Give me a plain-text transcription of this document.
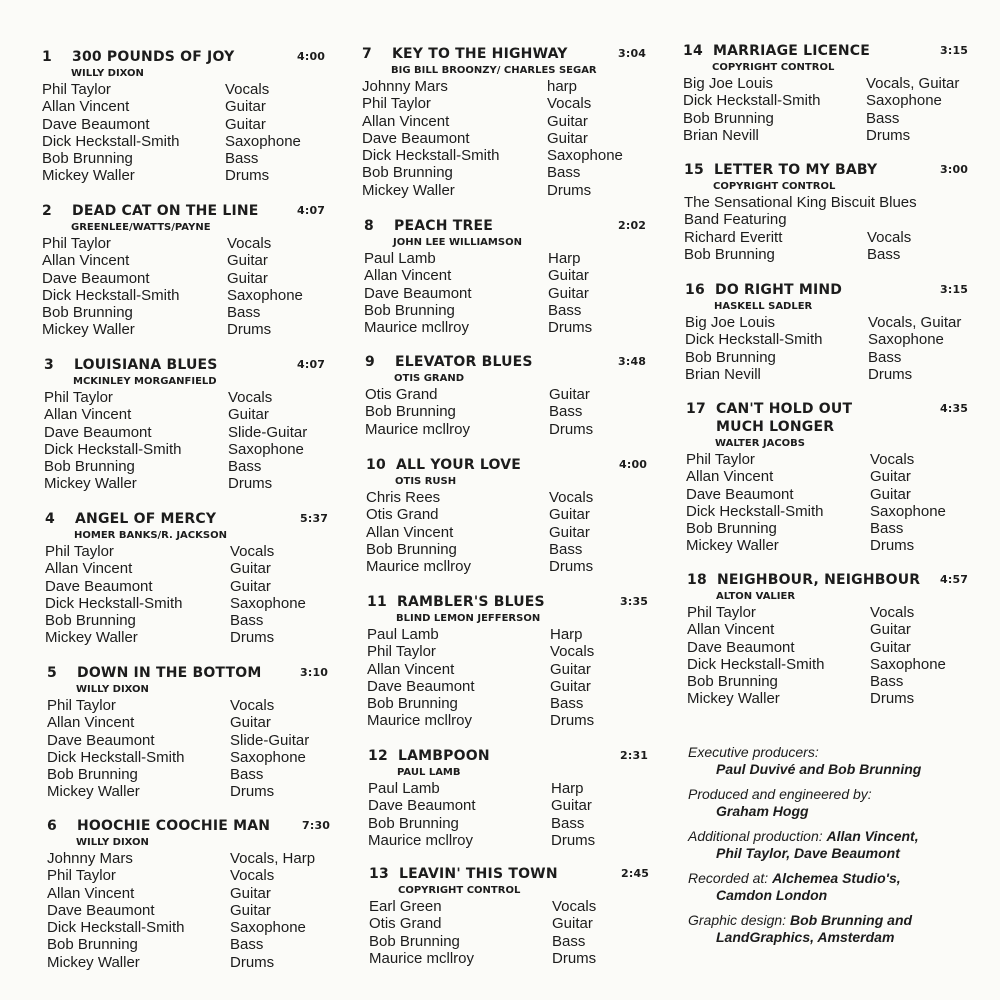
1 300 POUNDS OF JOY	4:00
WILLY DIXON
Phil Taylor	Vocals
Allan Vincent	Guitar
Dave Beaumont	Guitar
Dick Heckstall-Smith	Saxophone
Bob Brunning	Bass
Mickey Waller	Drums
2 DEAD CAT ON THE LINE	4:07
GREENLEE/WATTS/PAYNE
Phil Taylor	Vocals
Allan Vincent	Guitar
Dave Beaumont	Guitar
Dick Heckstall-Smith	Saxophone
Bob Brunning	Bass
Mickey Waller	Drums
3 LOUISIANA BLUES	4:07
MCKINLEY MORGANFIELD
Phil Taylor	Vocals
Allan Vincent	Guitar
Dave Beaumont	Slide-Guitar
Dick Heckstall-Smith	Saxophone
Bob Brunning	Bass
Mickey Waller	Drums
4 ANGEL OF MERCY	5:37
HOMER BANKS/R. JACKSON
Phil Taylor	Vocals
Allan Vincent	Guitar
Dave Beaumont	Guitar
Dick Heckstall-Smith	Saxophone
Bob Brunning	Bass
Mickey Waller	Drums
5 DOWN IN THE BOTTOM	3:10
WILLY DIXON
Phil Taylor	Vocals
Allan Vincent	Guitar
Dave Beaumont	Slide-Guitar
Dick Heckstall-Smith	Saxophone
Bob Brunning	Bass
Mickey Waller	Drums
6 HOOCHIE COOCHIE MAN	7:30
WILLY DIXON
Johnny Mars	Vocals, Harp
Phil Taylor	Vocals
Allan Vincent	Guitar
Dave Beaumont	Guitar
Dick Heckstall-Smith	Saxophone
Bob Brunning	Bass
Mickey Waller	Drums
7 KEY TO THE HIGHWAY	3:04
BIG BILL BROONZY/ CHARLES SEGAR
Johnny Mars	harp
Phil Taylor	Vocals
Allan Vincent	Guitar
Dave Beaumont	Guitar
Dick Heckstall-Smith	Saxophone
Bob Brunning	Bass
Mickey Waller	Drums
8 PEACH TREE	2:02
JOHN LEE WILLIAMSON
Paul Lamb	Harp
Allan Vincent	Guitar
Dave Beaumont	Guitar
Bob Brunning	Bass
Maurice mcllroy	Drums
9 ELEVATOR BLUES	3:48
OTIS GRAND
Otis Grand	Guitar
Bob Brunning	Bass
Maurice mcllroy	Drums
10 ALL YOUR LOVE	4:00
OTIS RUSH
Chris Rees	Vocals
Otis Grand	Guitar
Allan Vincent	Guitar
Bob Brunning	Bass
Maurice mcllroy	Drums
11 RAMBLER'S BLUES	3:35
BLIND LEMON JEFFERSON
Paul Lamb	Harp
Phil Taylor	Vocals
Allan Vincent	Guitar
Dave Beaumont	Guitar
Bob Brunning	Bass
Maurice mcllroy	Drums
12 LAMBPOON	2:31
PAUL LAMB
Paul Lamb	Harp
Dave Beaumont	Guitar
Bob Brunning	Bass
Maurice mcllroy	Drums
13 LEAVIN' THIS TOWN	2:45
COPYRIGHT CONTROL
Earl Green	Vocals
Otis Grand	Guitar
Bob Brunning	Bass
Maurice mcllroy	Drums
14 MARRIAGE LICENCE	3:15
COPYRIGHT CONTROL
Big Joe Louis	Vocals, Guitar
Dick Heckstall-Smith	Saxophone
Bob Brunning	Bass
Brian Nevill	Drums
15 LETTER TO MY BABY	3:00
COPYRIGHT CONTROL
The Sensational King Biscuit Blues
Band Featuring
Richard Everitt	Vocals
Bob Brunning	Bass
16 DO RIGHT MIND	3:15
HASKELL SADLER
Big Joe Louis	Vocals, Guitar
Dick Heckstall-Smith	Saxophone
Bob Brunning	Bass
Brian Nevill	Drums
17 CAN'T HOLD OUT	4:35
MUCH LONGER
WALTER JACOBS
Phil Taylor	Vocals
Allan Vincent	Guitar
Dave Beaumont	Guitar
Dick Heckstall-Smith	Saxophone
Bob Brunning	Bass
Mickey Waller	Drums
18 NEIGHBOUR, NEIGHBOUR 4:57
ALTON VALIER
Phil Taylor	Vocals
Allan Vincent	Guitar
Dave Beaumont	Guitar
Dick Heckstall-Smith	Saxophone
Bob Brunning	Bass
Mickey Waller	Drums
Executive producers:
Paul Duvivé and Bob Brunning
Produced and engineered by:
Graham Hogg
Additional production: Allan Vincent,
Phil Taylor, Dave Beaumont
Recorded at: Alchemea Studio's,
Camdon London
Graphic design: Bob Brunning and
LandGraphics, Amsterdam
